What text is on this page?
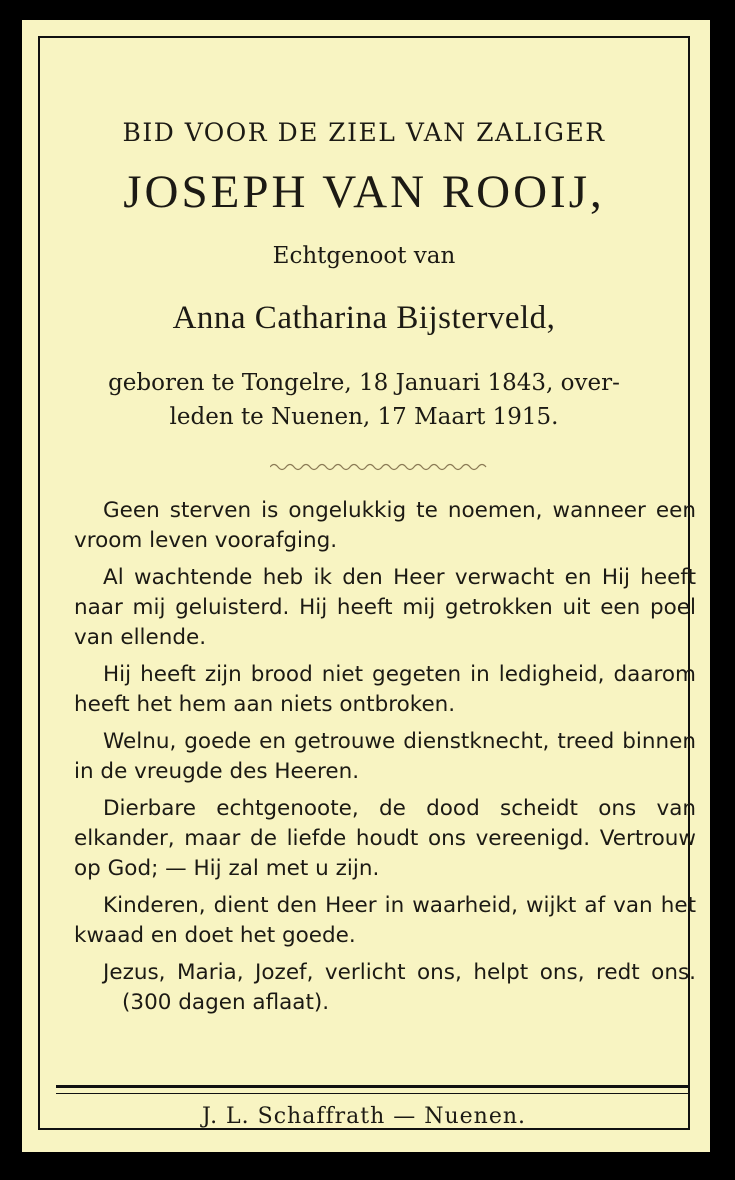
BID VOOR DE ZIEL VAN ZALIGER
JOSEPH VAN ROOIJ,
Echtgenoot van
Anna Catharina Bijsterveld,
geboren te Tongelre, 18 Januari 1843, over-
leden te Nuenen, 17 Maart 1915.

Geen sterven is ongelukkig te noemen, wanneer een vroom leven voorafging.

Al wachtende heb ik den Heer verwacht en Hij heeft naar mij geluisterd. Hij heeft mij getrokken uit een poel van ellende.

Hij heeft zijn brood niet gegeten in ledigheid, daarom heeft het hem aan niets ontbroken.

Welnu, goede en getrouwe dienstknecht, treed binnen in de vreugde des Heeren.

Dierbare echtgenoote, de dood scheidt ons van elkander, maar de liefde houdt ons vereenigd. Vertrouw op God; — Hij zal met u zijn.

Kinderen, dient den Heer in waarheid, wijkt af van het kwaad en doet het goede.

Jezus, Maria, Jozef, verlicht ons, helpt ons, redt ons.(300 dagen aflaat).

J. L. Schaffrath — Nuenen.
